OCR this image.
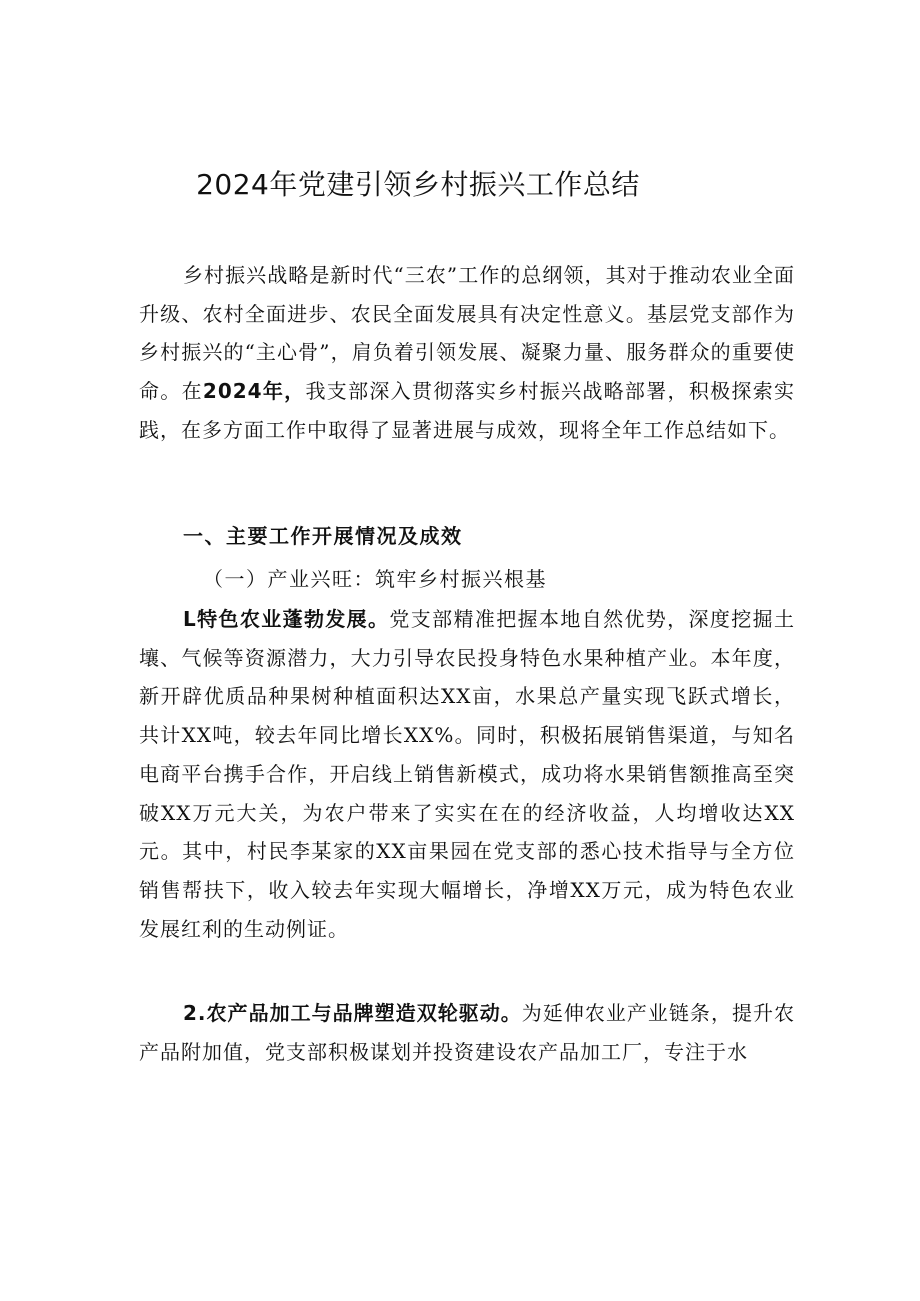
2024年党建引领乡村振兴工作总结
乡村振兴战略是新时代“三农”工作的总纲领，其对于推动农业全面升级、农村全面进步、农民全面发展具有决定性意义。基层党支部作为乡村振兴的“主心骨”，肩负着引领发展、凝聚力量、服务群众的重要使命。在2024年，我支部深入贯彻落实乡村振兴战略部署，积极探索实践，在多方面工作中取得了显著进展与成效，现将全年工作总结如下。
一、主要工作开展情况及成效
（一）产业兴旺：筑牢乡村振兴根基
L特色农业蓬勃发展。党支部精准把握本地自然优势，深度挖掘土壤、气候等资源潜力，大力引导农民投身特色水果种植产业。本年度，新开辟优质品种果树种植面积达XX亩，水果总产量实现飞跃式增长，共计XX吨，较去年同比增长XX%。同时，积极拓展销售渠道，与知名电商平台携手合作，开启线上销售新模式，成功将水果销售额推高至突破XX万元大关，为农户带来了实实在在的经济收益，人均增收达XX元。其中，村民李某家的XX亩果园在党支部的悉心技术指导与全方位销售帮扶下，收入较去年实现大幅增长，净增XX万元，成为特色农业发展红利的生动例证。
2.农产品加工与品牌塑造双轮驱动。为延伸农业产业链条，提升农产品附加值，党支部积极谋划并投资建设农产品加工厂，专注于水
